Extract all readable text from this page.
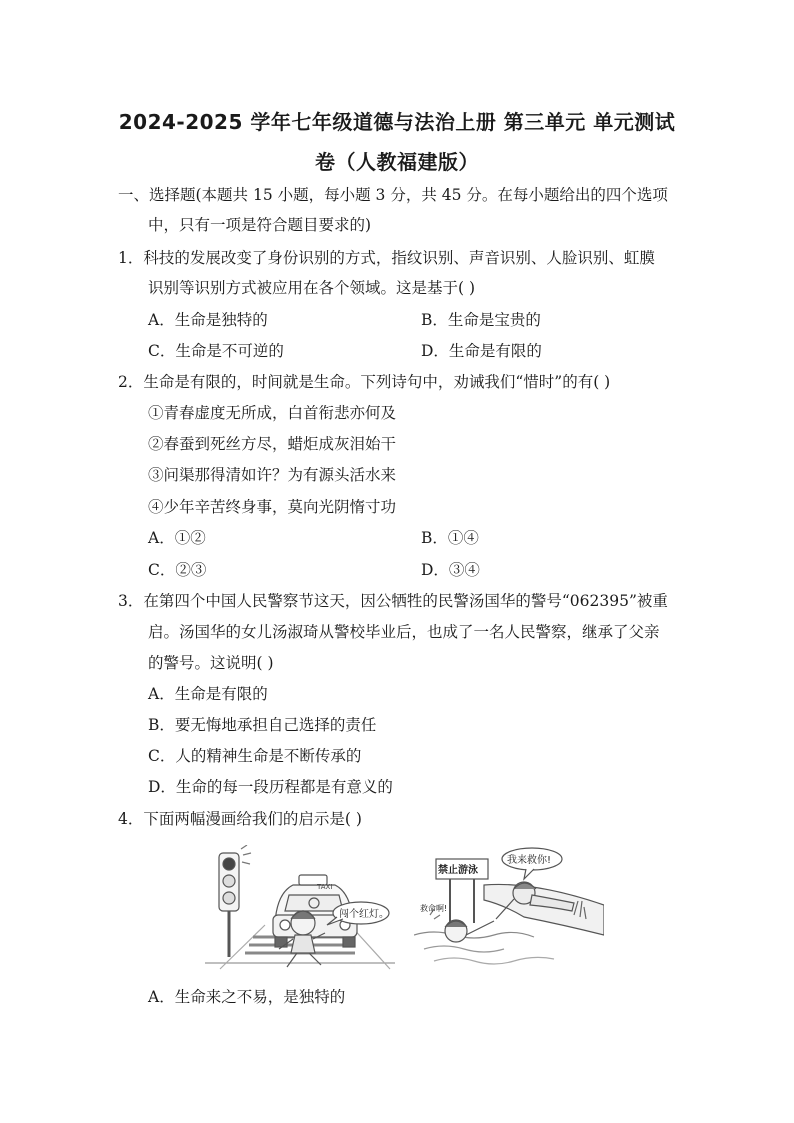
2024-2025 学年七年级道德与法治上册 第三单元 单元测试
卷（人教福建版）
一、选择题(本题共 15 小题，每小题 3 分，共 45 分。在每小题给出的四个选项
中，只有一项是符合题目要求的)
1．科技的发展改变了身份识别的方式，指纹识别、声音识别、人脸识别、虹膜
识别等识别方式被应用在各个领域。这是基于( )
A．生命是独特的	B．生命是宝贵的
C．生命是不可逆的	D．生命是有限的
2．生命是有限的，时间就是生命。下列诗句中，劝诫我们“惜时”的有( )
①青春虚度无所成，白首衔悲亦何及
②春蚕到死丝方尽，蜡炬成灰泪始干
③问渠那得清如许？为有源头活水来
④少年辛苦终身事，莫向光阴惰寸功
A．①②	B．①④
C．②③	D．③④
3．在第四个中国人民警察节这天，因公牺牲的民警汤国华的警号“062395”被重
启。汤国华的女儿汤淑琦从警校毕业后，也成了一名人民警察，继承了父亲
的警号。这说明( )
A．生命是有限的
B．要无悔地承担自己选择的责任
C．人的精神生命是不断传承的
D．生命的每一段历程都是有意义的
4．下面两幅漫画给我们的启示是( )
TAXI
闯个红灯。
禁止游泳
我来救你!
救命啊!
A．生命来之不易，是独特的
